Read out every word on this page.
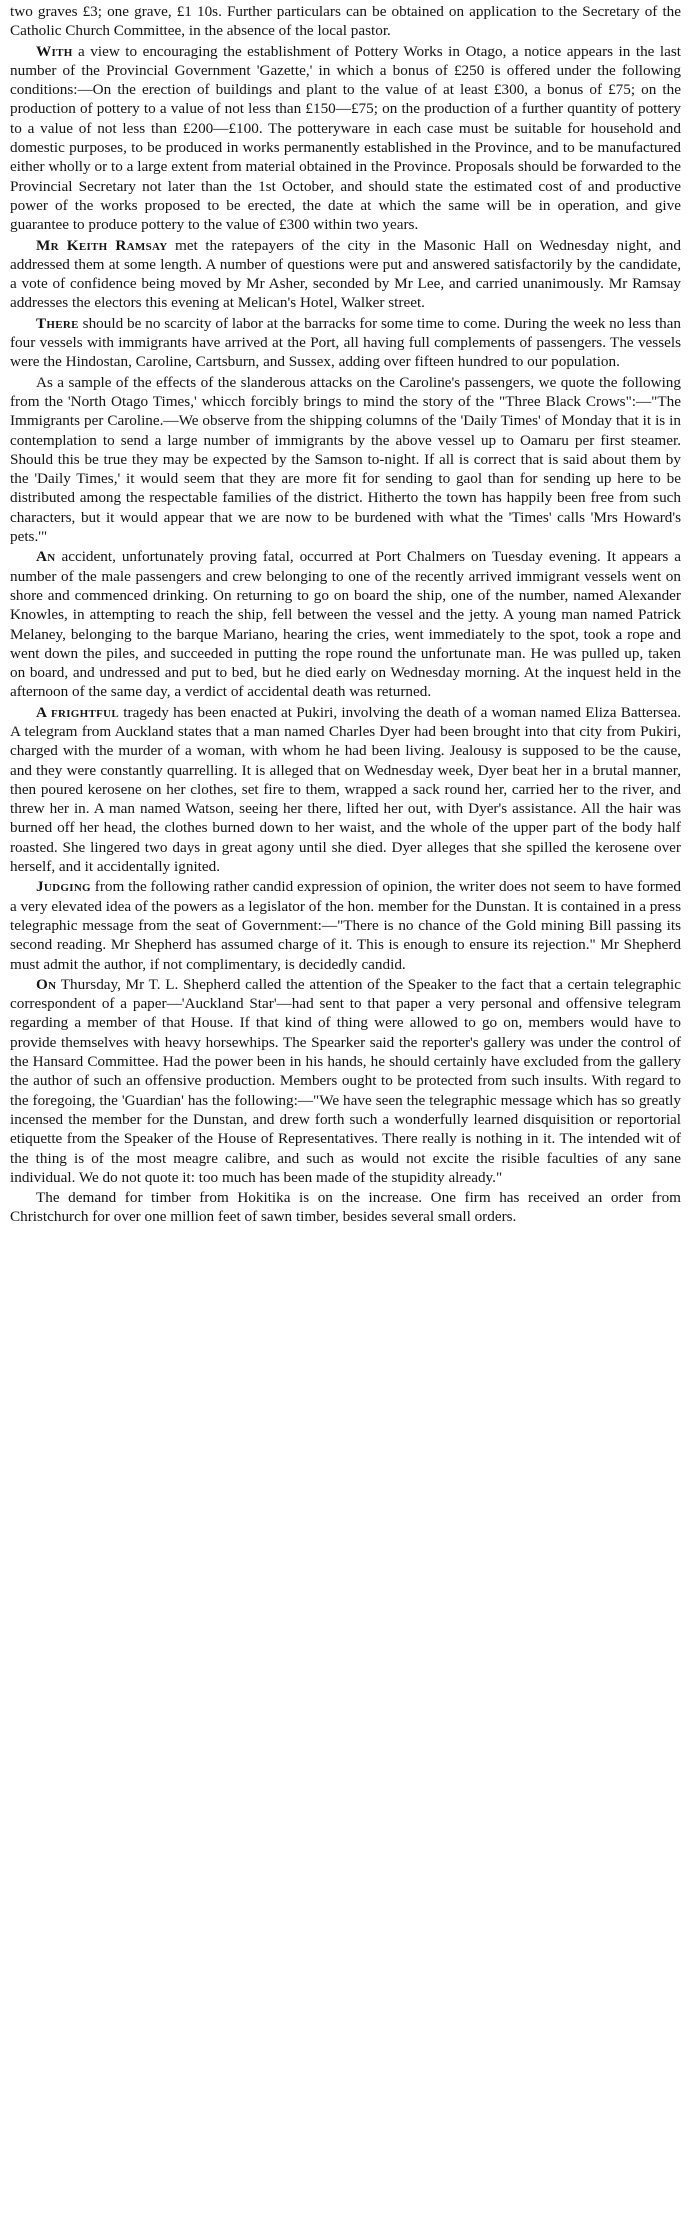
two graves £3; one grave, £1 10s. Further particulars can be obtained on application to the Secretary of the Catholic Church Committee, in the absence of the local pastor.

With a view to encouraging the establishment of Pottery Works in Otago, a notice appears in the last number of the Provincial Government 'Gazette,' in which a bonus of £250 is offered under the following conditions:—On the erection of buildings and plant to the value of at least £300, a bonus of £75; on the production of pottery to a value of not less than £150—£75; on the production of a further quantity of pottery to a value of not less than £200—£100. The potteryware in each case must be suitable for household and domestic purposes, to be produced in works permanently established in the Province, and to be manufactured either wholly or to a large extent from material obtained in the Province. Proposals should be forwarded to the Provincial Secretary not later than the 1st October, and should state the estimated cost of and productive power of the works proposed to be erected, the date at which the same will be in operation, and give guarantee to produce pottery to the value of £300 within two years.

Mr Keith Ramsay met the ratepayers of the city in the Masonic Hall on Wednesday night, and addressed them at some length. A number of questions were put and answered satisfactorily by the candidate, a vote of confidence being moved by Mr Asher, seconded by Mr Lee, and carried unanimously. Mr Ramsay addresses the electors this evening at Melican's Hotel, Walker street.

There should be no scarcity of labor at the barracks for some time to come. During the week no less than four vessels with immigrants have arrived at the Port, all having full complements of passengers. The vessels were the Hindostan, Caroline, Cartsburn, and Sussex, adding over fifteen hundred to our population.

As a sample of the effects of the slanderous attacks on the Caroline's passengers, we quote the following from the 'North Otago Times,' whicch forcibly brings to mind the story of the "Three Black Crows":—"The Immigrants per Caroline.—We observe from the shipping columns of the 'Daily Times' of Monday that it is in contemplation to send a large number of immigrants by the above vessel up to Oamaru per first steamer. Should this be true they may be expected by the Samson to-night. If all is correct that is said about them by the 'Daily Times,' it would seem that they are more fit for sending to gaol than for sending up here to be distributed among the respectable families of the district. Hitherto the town has happily been free from such characters, but it would appear that we are now to be burdened with what the 'Times' calls 'Mrs Howard's pets.'"

An accident, unfortunately proving fatal, occurred at Port Chalmers on Tuesday evening. It appears a number of the male passengers and crew belonging to one of the recently arrived immigrant vessels went on shore and commenced drinking. On returning to go on board the ship, one of the number, named Alexander Knowles, in attempting to reach the ship, fell between the vessel and the jetty. A young man named Patrick Melaney, belonging to the barque Mariano, hearing the cries, went immediately to the spot, took a rope and went down the piles, and succeeded in putting the rope round the unfortunate man. He was pulled up, taken on board, and undressed and put to bed, but he died early on Wednesday morning. At the inquest held in the afternoon of the same day, a verdict of accidental death was returned.

A frightful tragedy has been enacted at Pukiri, involving the death of a woman named Eliza Battersea. A telegram from Auckland states that a man named Charles Dyer had been brought into that city from Pukiri, charged with the murder of a woman, with whom he had been living. Jealousy is supposed to be the cause, and they were constantly quarrelling. It is alleged that on Wednesday week, Dyer beat her in a brutal manner, then poured kerosene on her clothes, set fire to them, wrapped a sack round her, carried her to the river, and threw her in. A man named Watson, seeing her there, lifted her out, with Dyer's assistance. All the hair was burned off her head, the clothes burned down to her waist, and the whole of the upper part of the body half roasted. She lingered two days in great agony until she died. Dyer alleges that she spilled the kerosene over herself, and it accidentally ignited.

Judging from the following rather candid expression of opinion, the writer does not seem to have formed a very elevated idea of the powers as a legislator of the hon. member for the Dunstan. It is contained in a press telegraphic message from the seat of Government:—"There is no chance of the Gold mining Bill passing its second reading. Mr Shepherd has assumed charge of it. This is enough to ensure its rejection." Mr Shepherd must admit the author, if not complimentary, is decidedly candid.

On Thursday, Mr T. L. Shepherd called the attention of the Speaker to the fact that a certain telegraphic correspondent of a paper—'Auckland Star'—had sent to that paper a very personal and offensive telegram regarding a member of that House. If that kind of thing were allowed to go on, members would have to provide themselves with heavy horsewhips. The Spearker said the reporter's gallery was under the control of the Hansard Committee. Had the power been in his hands, he should certainly have excluded from the gallery the author of such an offensive production. Members ought to be protected from such insults. With regard to the foregoing, the 'Guardian' has the following:—"We have seen the telegraphic message which has so greatly incensed the member for the Dunstan, and drew forth such a wonderfully learned disquisition or reportorial etiquette from the Speaker of the House of Representatives. There really is nothing in it. The intended wit of the thing is of the most meagre calibre, and such as would not excite the risible faculties of any sane individual. We do not quote it: too much has been made of the stupidity already."

The demand for timber from Hokitika is on the increase. One firm has received an order from Christchurch for over one million feet of sawn timber, besides several small orders.
